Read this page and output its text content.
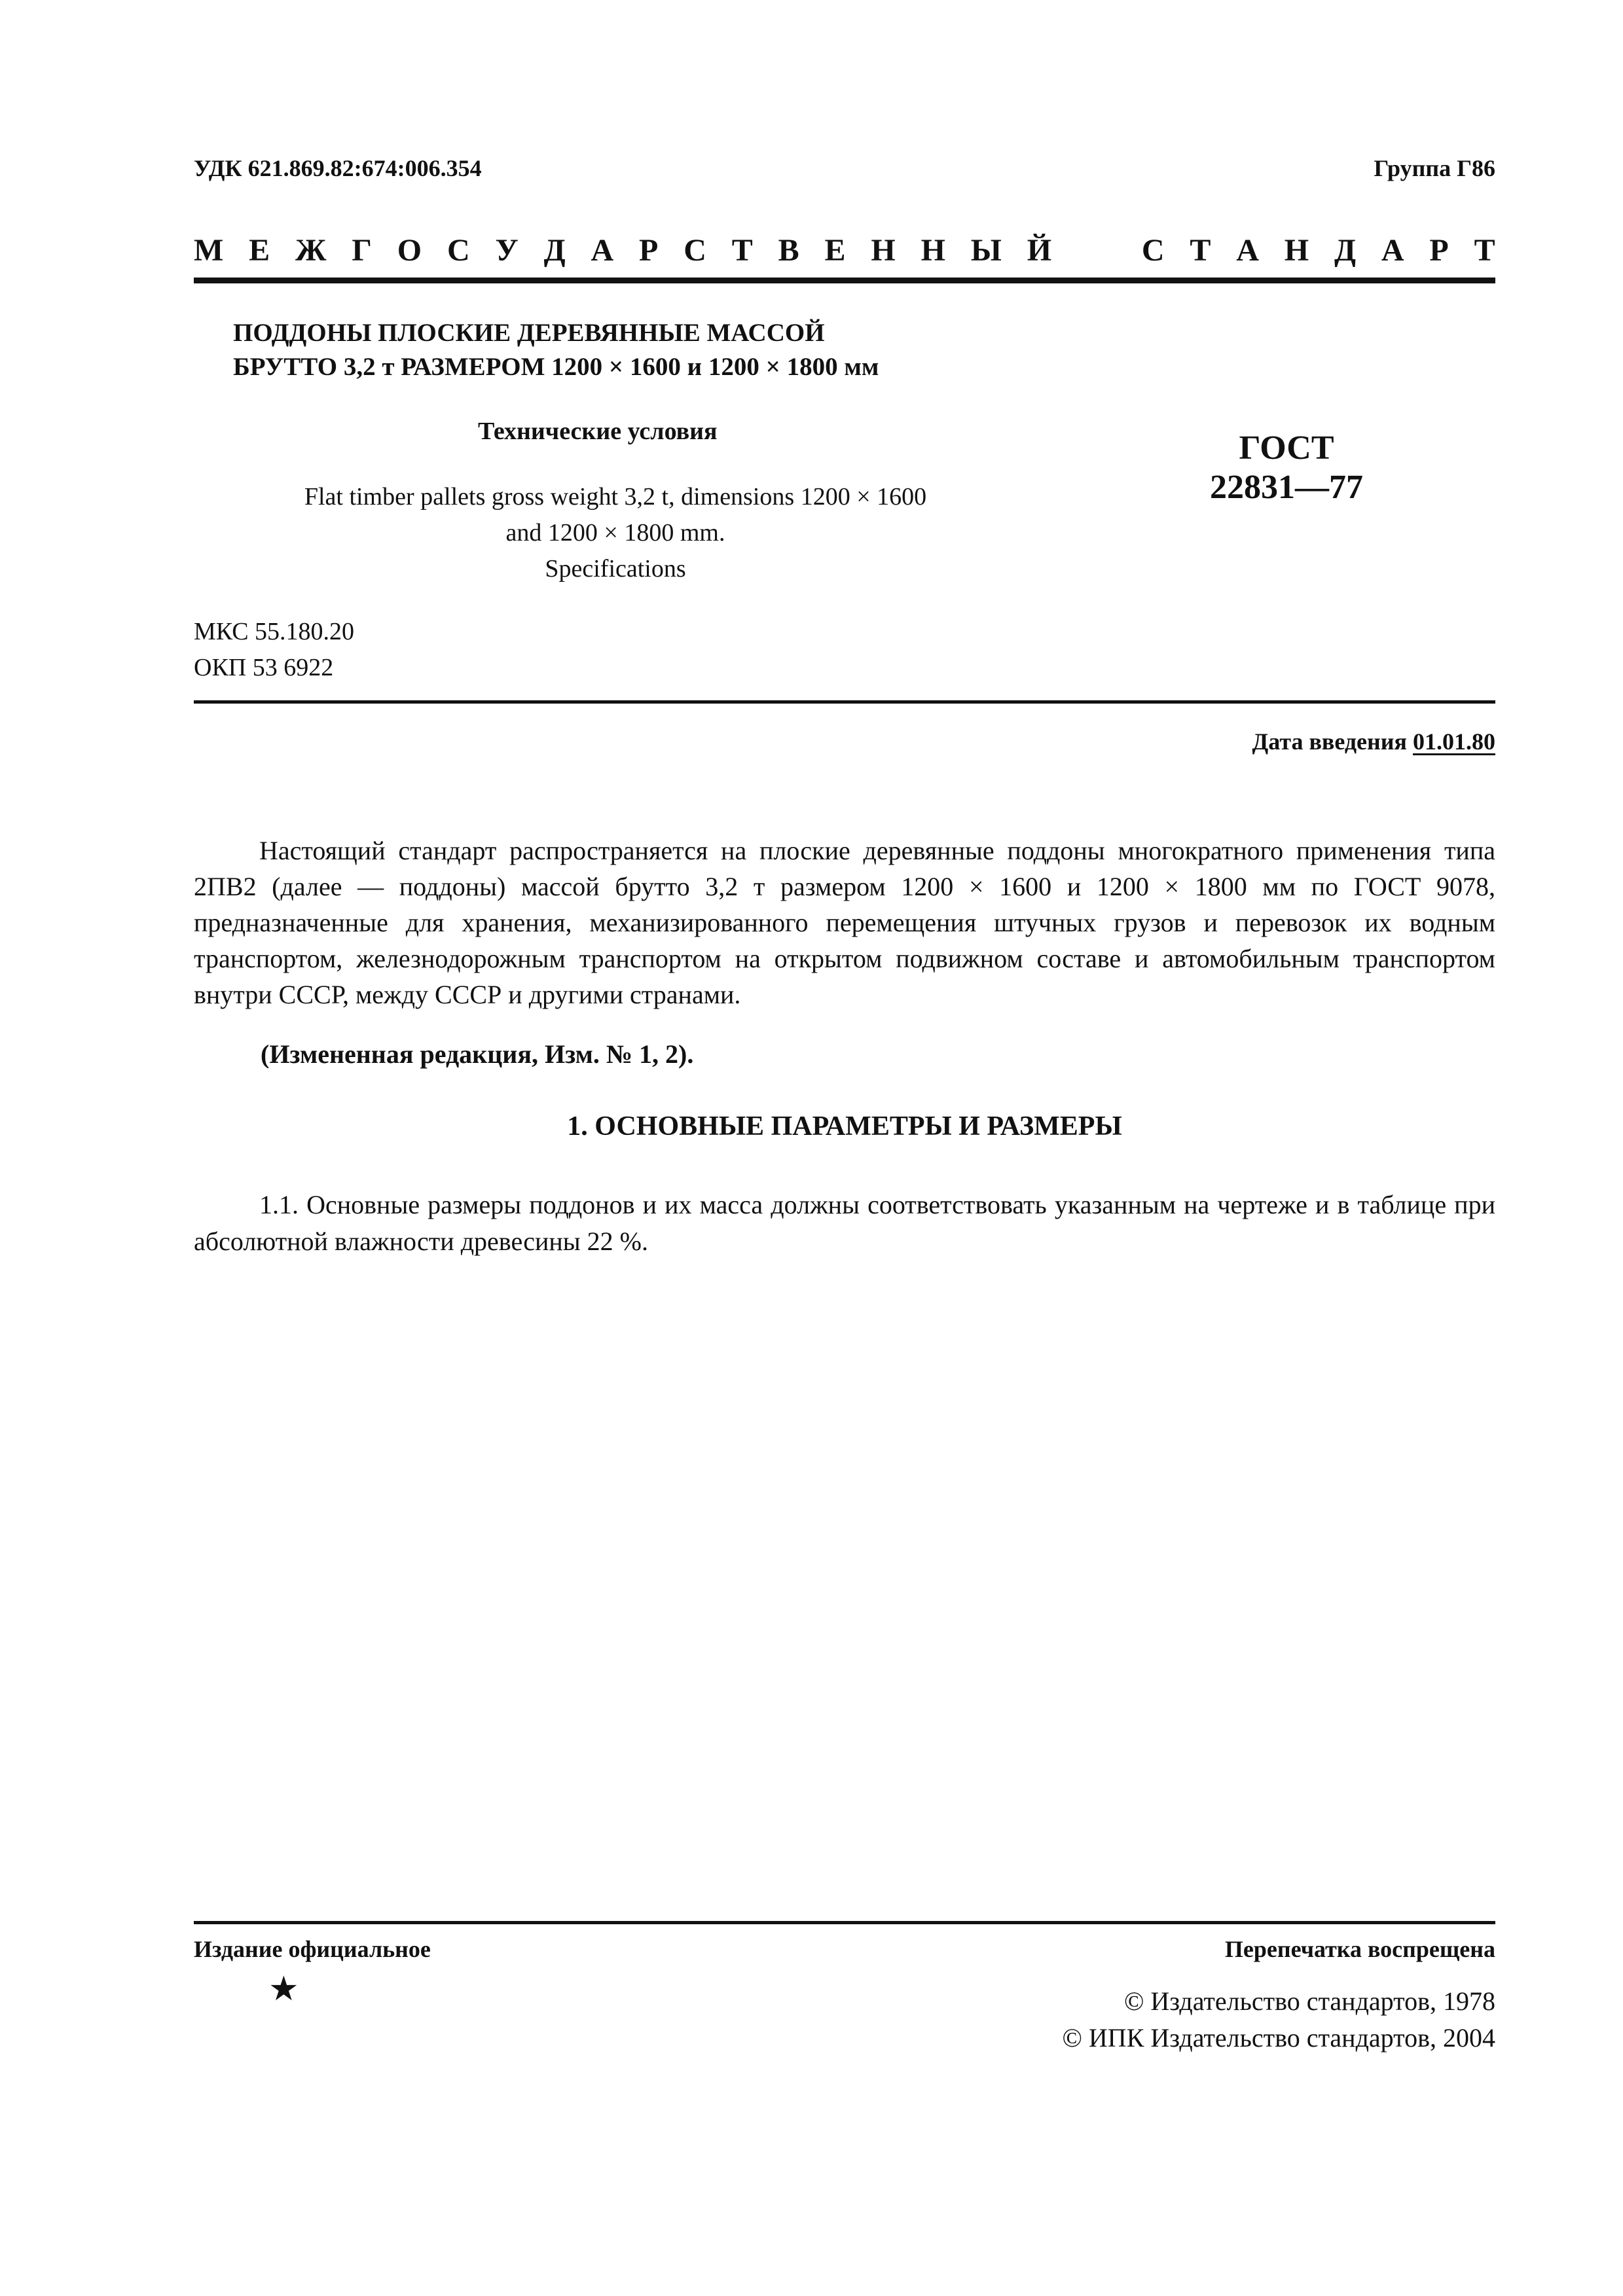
УДК 621.869.82:674:006.354	Группа Г86
М Е Ж Г О С У Д А Р С Т В Е Н Н Ы Й	С Т А Н Д А Р Т
ПОДДОНЫ ПЛОСКИЕ ДЕРЕВЯННЫЕ МАССОЙ
БРУТТО 3,2 т РАЗМЕРОМ 1200 × 1600 и 1200 × 1800 мм
Технические условия
Flat timber pallets gross weight 3,2 t, dimensions 1200 × 1600
and 1200 × 1800 mm.
Specifications
ГОСТ
22831—77
МКС 55.180.20
ОКП 53 6922
Дата введения 01.01.80
Настоящий стандарт распространяется на плоские деревянные поддоны многократного применения типа 2ПВ2 (далее — поддоны) массой брутто 3,2 т размером 1200 × 1600 и 1200 × 1800 мм по ГОСТ 9078, предназначенные для хранения, механизированного перемещения штучных грузов и перевозок их водным транспортом, железнодорожным транспортом на открытом подвижном составе и автомобильным транспортом внутри СССР, между СССР и другими странами.
(Измененная редакция, Изм. № 1, 2).
1. ОСНОВНЫЕ ПАРАМЕТРЫ И РАЗМЕРЫ
1.1. Основные размеры поддонов и их масса должны соответствовать указанным на чертеже и в таблице при абсолютной влажности древесины 22 %.
Издание официальное	Перепечатка воспрещена
★	© Издательство стандартов, 1978
© ИПК Издательство стандартов, 2004
